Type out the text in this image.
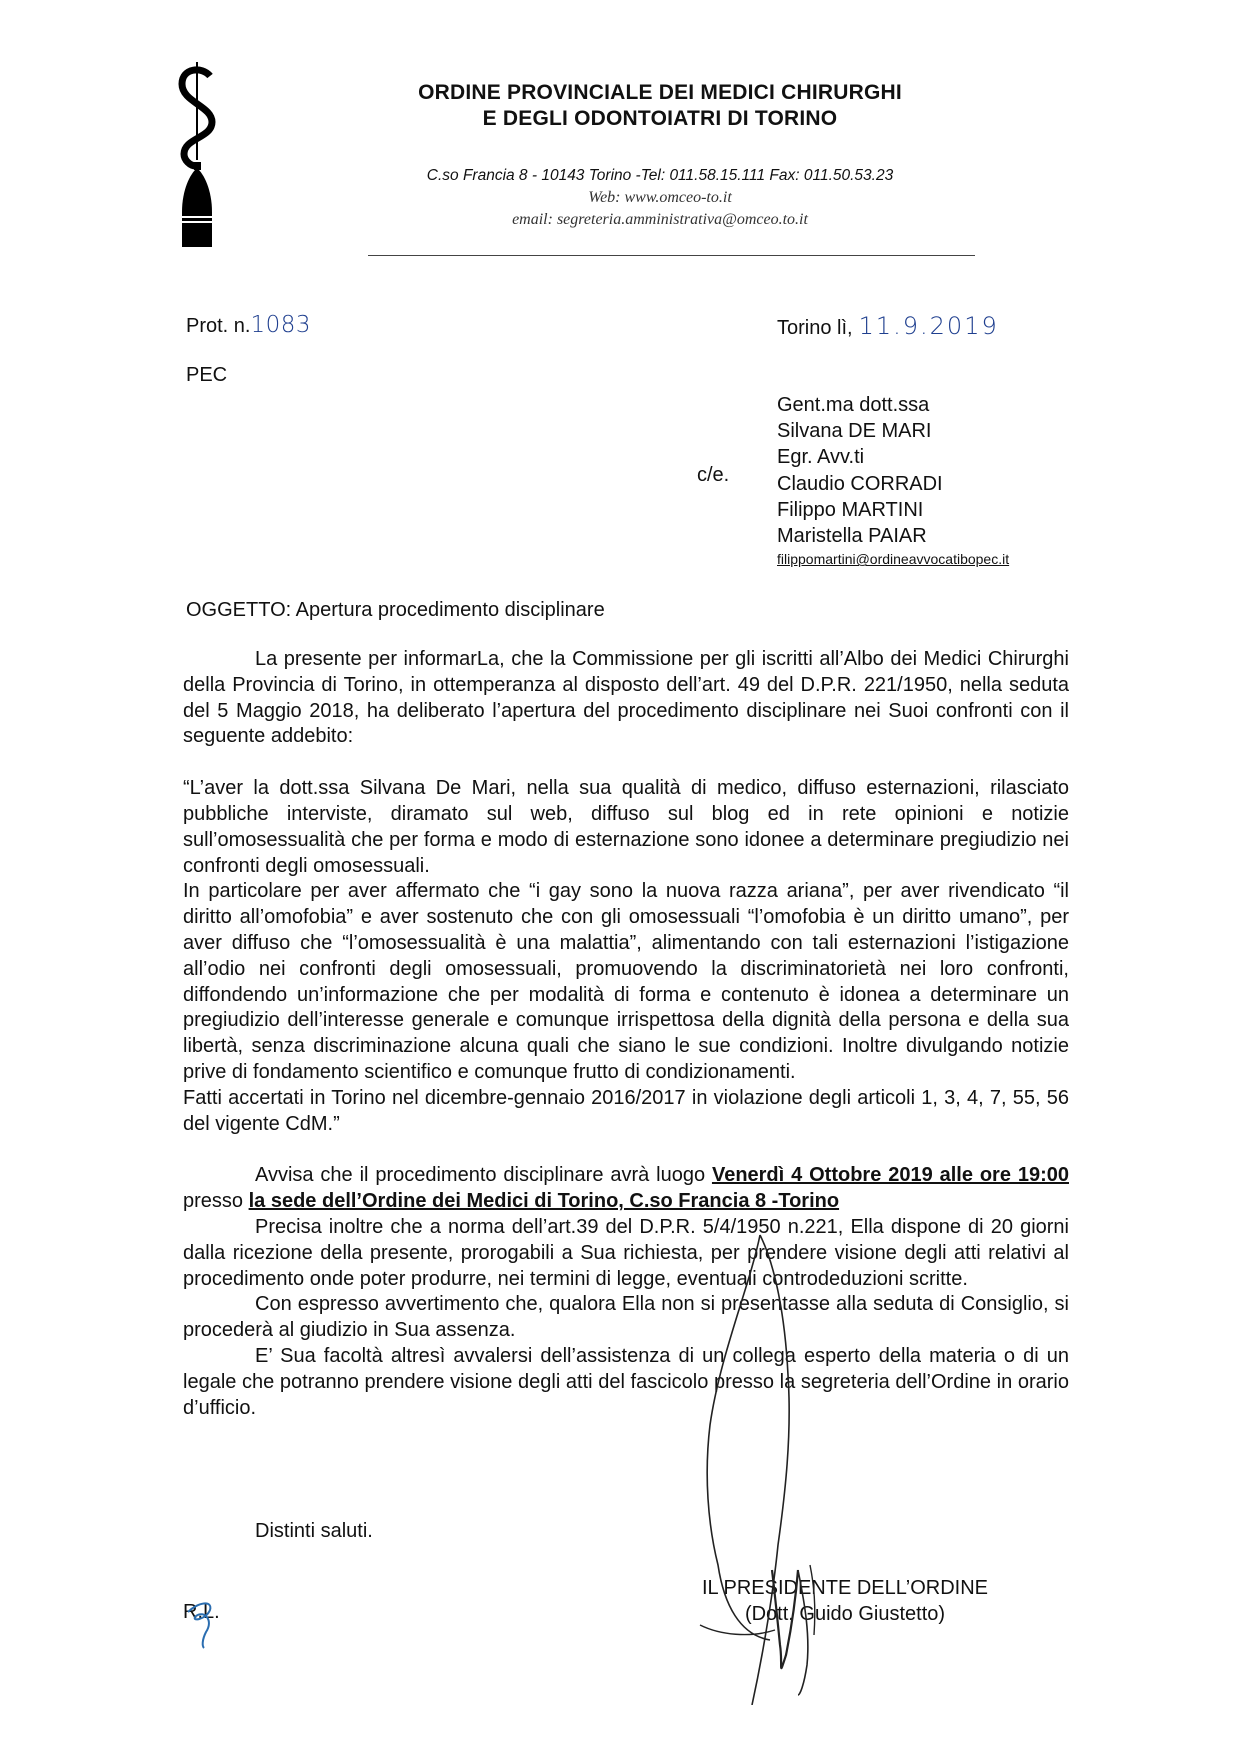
ORDINE PROVINCIALE DEI MEDICI CHIRURGHI
E DEGLI ODONTOIATRI DI TORINO
C.so Francia 8 - 10143 Torino -Tel: 011.58.15.111 Fax: 011.50.53.23
Web: www.omceo-to.it
email: segreteria.amministrativa@omceo.to.it
Prot. n.1083
PEC
Torino lì, 11.9.2019
c/e.
Gent.ma dott.ssa
Silvana DE MARI
Egr. Avv.ti
Claudio CORRADI
Filippo MARTINI
Maristella PAIAR
filippomartini@ordineavvocatibopec.it
OGGETTO: Apertura procedimento disciplinare

La presente per informarLa, che la Commissione per gli iscritti all’Albo dei Medici Chirurghi della Provincia di Torino, in ottemperanza al disposto dell’art. 49 del D.P.R. 221/1950, nella seduta del 5 Maggio 2018, ha deliberato l’apertura del procedimento disciplinare nei Suoi confronti con il seguente addebito:

“L’aver la dott.ssa Silvana De Mari, nella sua qualità di medico, diffuso esternazioni, rilasciato pubbliche interviste, diramato sul web, diffuso sul blog ed in rete opinioni e notizie sull’omosessualità che per forma e modo di esternazione sono idonee a determinare pregiudizio nei confronti degli omosessuali.

In particolare per aver affermato che “i gay sono la nuova razza ariana”, per aver rivendicato “il diritto all’omofobia” e aver sostenuto che con gli omosessuali “l’omofobia è un diritto umano”, per aver diffuso che “l’omosessualità è una malattia”, alimentando con tali esternazioni l’istigazione all’odio nei confronti degli omosessuali, promuovendo la discriminatorietà nei loro confronti, diffondendo un’informazione che per modalità di forma e contenuto è idonea a determinare un pregiudizio dell’interesse generale e comunque irrispettosa della dignità della persona e della sua libertà, senza discriminazione alcuna quali che siano le sue condizioni. Inoltre divulgando notizie prive di fondamento scientifico e comunque frutto di condizionamenti.

Fatti accertati in Torino nel dicembre-gennaio 2016/2017 in violazione degli articoli 1, 3, 4, 7, 55, 56 del vigente CdM.”

Avvisa che il procedimento disciplinare avrà luogo Venerdì 4 Ottobre 2019 alle ore 19:00 presso la sede dell’Ordine dei Medici di Torino, C.so Francia 8 -Torino

Precisa inoltre che a norma dell’art.39 del D.P.R. 5/4/1950 n.221, Ella dispone di 20 giorni dalla ricezione della presente, prorogabili a Sua richiesta, per prendere visione degli atti relativi al procedimento onde poter produrre, nei termini di legge, eventuali controdeduzioni scritte.

Con espresso avvertimento che, qualora Ella non si presentasse alla seduta di Consiglio, si procederà al giudizio in Sua assenza.

E’ Sua facoltà altresì avvalersi dell’assistenza di un collega esperto della materia o di un legale che potranno prendere visione degli atti del fascicolo presso la segreteria dell’Ordine in orario d’ufficio.

Distinti saluti.
IL PRESIDENTE DELL’ORDINE
(Dott. Guido Giustetto)
R.L.
